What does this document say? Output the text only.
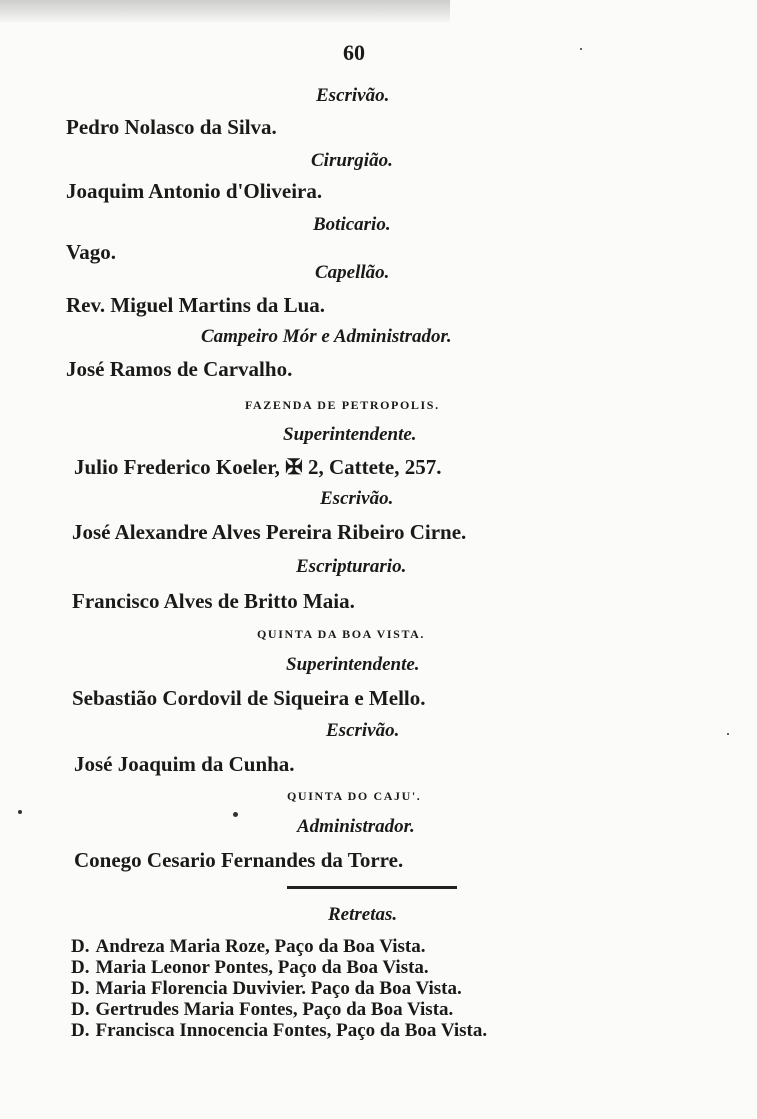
60
Escrivão.
Pedro Nolasco da Silva.
Cirurgião.
Joaquim Antonio d'Oliveira.
Boticario.
Vago.
Capellão.
Rev. Miguel Martins da Lua.
Campeiro Mór e Administrador.
José Ramos de Carvalho.
FAZENDA DE PETROPOLIS.
Superintendente.
Julio Frederico Koeler, ✠ 2, Cattete, 257.
Escrivão.
José Alexandre Alves Pereira Ribeiro Cirne.
Escripturario.
Francisco Alves de Britto Maia.
QUINTA DA BOA VISTA.
Superintendente.
Sebastião Cordovil de Siqueira e Mello.
Escrivão.
José Joaquim da Cunha.
QUINTA DO CAJU'.
Administrador.
Conego Cesario Fernandes da Torre.
Retretas.
D. Andreza Maria Roze, Paço da Boa Vista.
D. Maria Leonor Pontes, Paço da Boa Vista.
D. Maria Florencia Duvivier. Paço da Boa Vista.
D. Gertrudes Maria Fontes, Paço da Boa Vista.
D. Francisca Innocencia Fontes, Paço da Boa Vista.
